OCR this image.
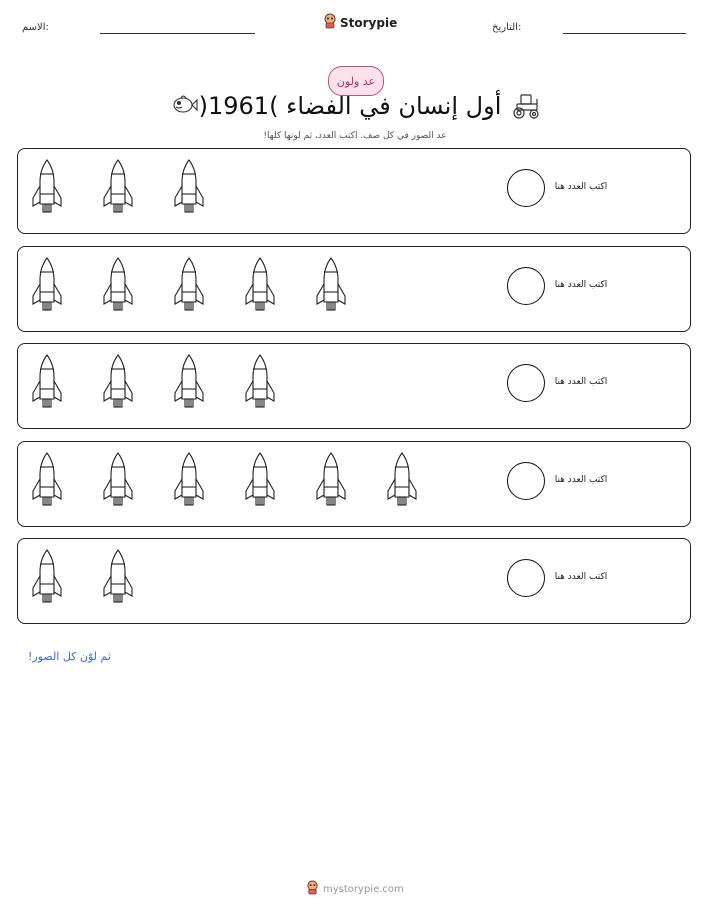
الاسم:	Storypie	التاريخ:
عد ولون
أول إنسان في الفضاء )1961(
عد الصور في كل صف. اكتب العدد، ثم لونها كلها!
اكتب العدد هنا
اكتب العدد هنا
اكتب العدد هنا
اكتب العدد هنا
اكتب العدد هنا
ثم لوّن كل الصور!
mystorypie.com
